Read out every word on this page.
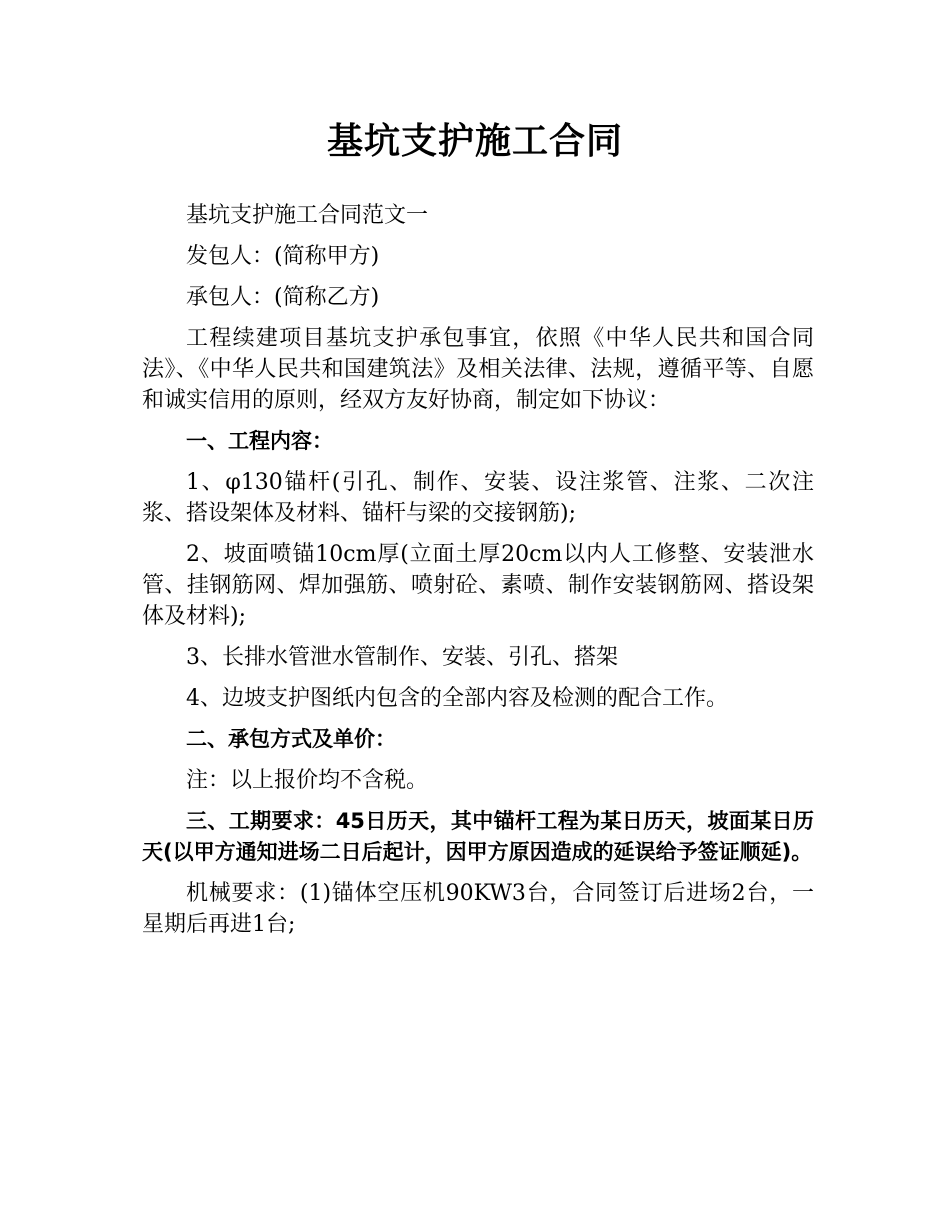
基坑支护施工合同

基坑支护施工合同范文一

发包人：(简称甲方)

承包人：(简称乙方)

工程续建项目基坑支护承包事宜，依照《中华人民共和国合同法》、《中华人民共和国建筑法》及相关法律、法规，遵循平等、自愿和诚实信用的原则，经双方友好协商，制定如下协议：

一、工程内容：

1、φ130锚杆(引孔、制作、安装、设注浆管、注浆、二次注浆、搭设架体及材料、锚杆与梁的交接钢筋);

2、坡面喷锚10cm厚(立面土厚20cm以内人工修整、安装泄水管、挂钢筋网、焊加强筋、喷射砼、素喷、制作安装钢筋网、搭设架体及材料);

3、长排水管泄水管制作、安装、引孔、搭架

4、边坡支护图纸内包含的全部内容及检测的配合工作。

二、承包方式及单价：

注：以上报价均不含税。

三、工期要求：45日历天，其中锚杆工程为某日历天，坡面某日历天(以甲方通知进场二日后起计，因甲方原因造成的延误给予签证顺延)。

机械要求：(1)锚体空压机90KW3台，合同签订后进场2台，一星期后再进1台;
